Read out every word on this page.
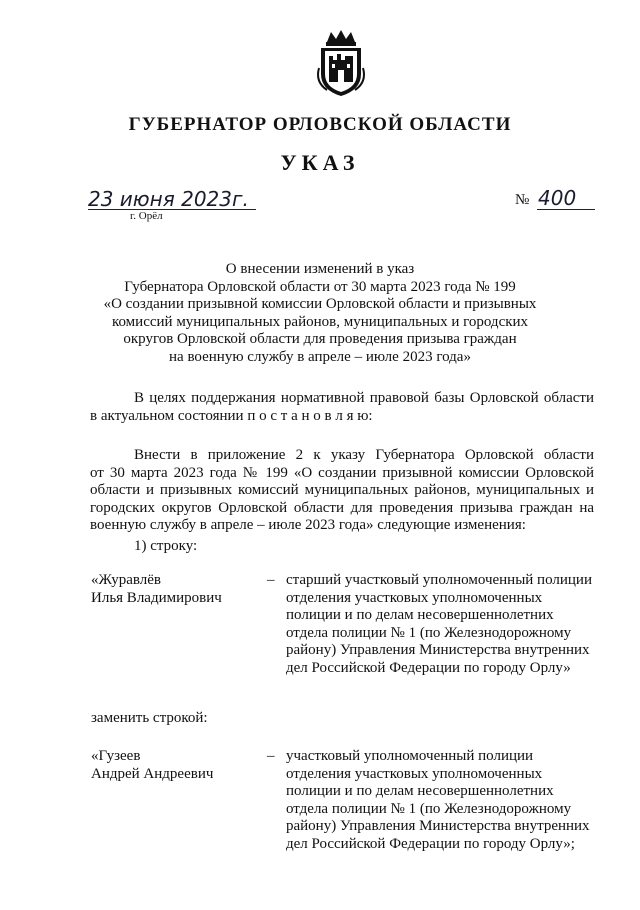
ГУБЕРНАТОР ОРЛОВСКОЙ ОБЛАСТИ
УКАЗ
23 июня 2023г.
г. Орёл
№ 400
О внесении изменений в указ
Губернатора Орловской области от 30 марта 2023 года № 199
«О создании призывной комиссии Орловской области и призывных
комиссий муниципальных районов, муниципальных и городских
округов Орловской области для проведения призыва граждан
на военную службу в апреле – июле 2023 года»
В целях поддержания нормативной правовой базы Орловской области в актуальном состоянии п о с т а н о в л я ю:
Внести в приложение 2 к указу Губернатора Орловской области
от 30 марта 2023 года № 199 «О создании призывной комиссии Орловской области и призывных комиссий муниципальных районов, муниципальных и городских округов Орловской области для проведения призыва граждан на военную службу в апреле – июле 2023 года» следующие изменения:
1) строку:
«Журавлёв
Илья Владимирович
– старший участковый уполномоченный полиции отделения участковых уполномоченных полиции и по делам несовершеннолетних отдела полиции № 1 (по Железнодорожному району) Управления Министерства внутренних дел Российской Федерации по городу Орлу»
заменить строкой:
«Гузеев
Андрей Андреевич
– участковый уполномоченный полиции отделения участковых уполномоченных полиции и по делам несовершеннолетних отдела полиции № 1 (по Железнодорожному району) Управления Министерства внутренних дел Российской Федерации по городу Орлу»;
